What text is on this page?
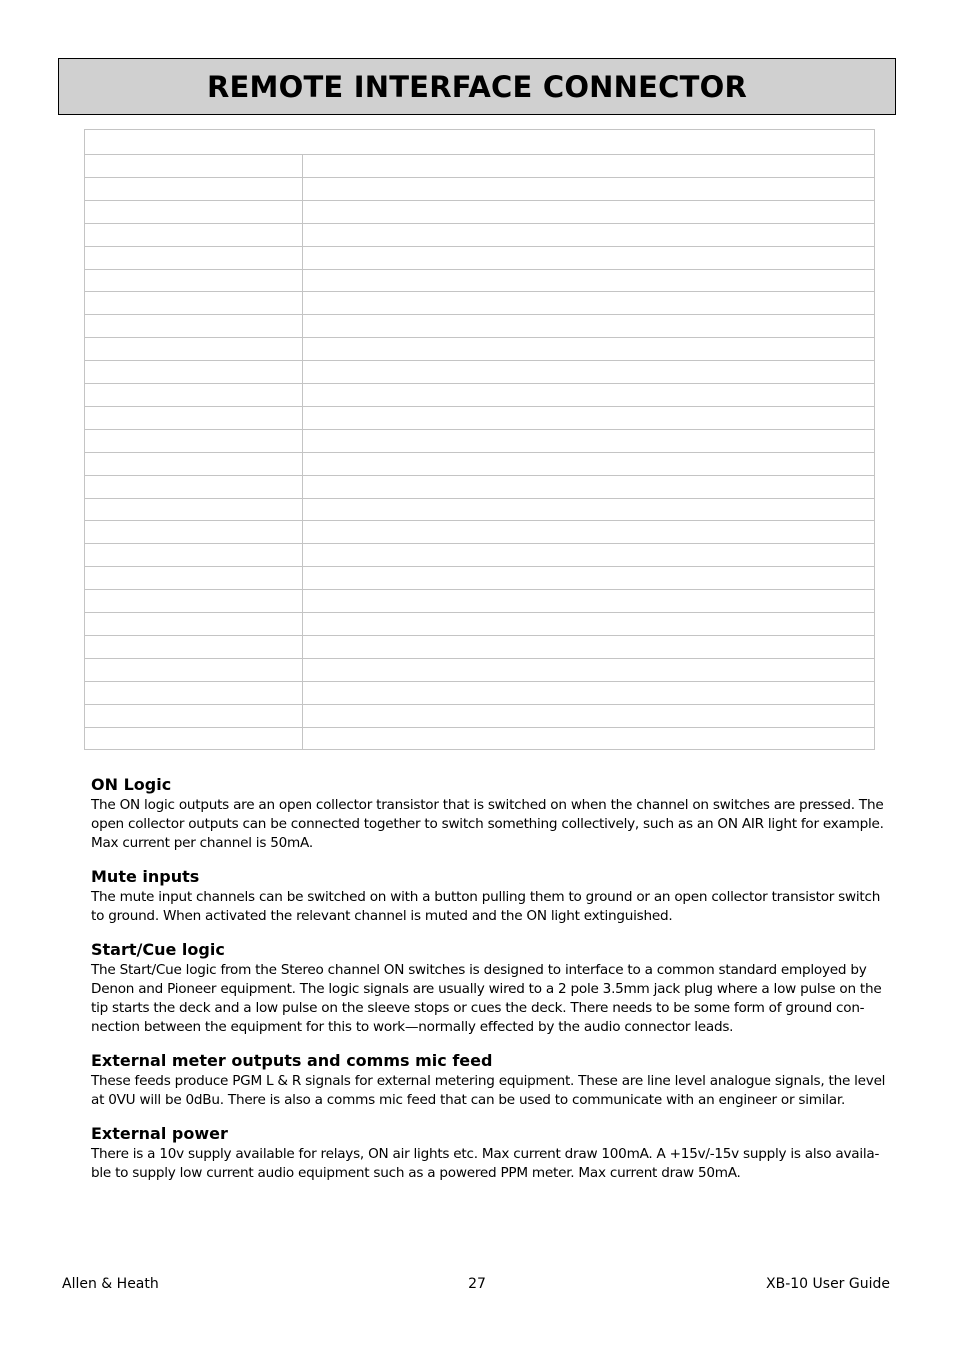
REMOTE INTERFACE CONNECTOR
ON Logic

The ON logic outputs are an open collector transistor that is switched on when the channel on switches are pressed. The open collector outputs can be connected together to switch something collectively, such as an ON AIR light for example. Max current per channel is 50mA.

Mute inputs

The mute input channels can be switched on with a button pulling them to ground or an open collector transistor switch to ground. When activated the relevant channel is muted and the ON light extinguished.

Start/Cue logic

The Start/Cue logic from the Stereo channel ON switches is designed to interface to a common standard employed by Denon and Pioneer equipment. The logic signals are usually wired to a 2 pole 3.5mm jack plug where a low pulse on the tip starts the deck and a low pulse on the sleeve stops or cues the deck. There needs to be some form of ground con-nection between the equipment for this to work—normally effected by the audio connector leads.

External meter outputs and comms mic feed

These feeds produce PGM L & R signals for external metering equipment. These are line level analogue signals, the level at 0VU will be 0dBu. There is also a comms mic feed that can be used to communicate with an engineer or similar.

External power

There is a 10v supply available for relays, ON air lights etc. Max current draw 100mA. A +15v/-15v supply is also availa-ble to supply low current audio equipment such as a powered PPM meter. Max current draw 50mA.

Allen & Heath	27	XB-10 User Guide
